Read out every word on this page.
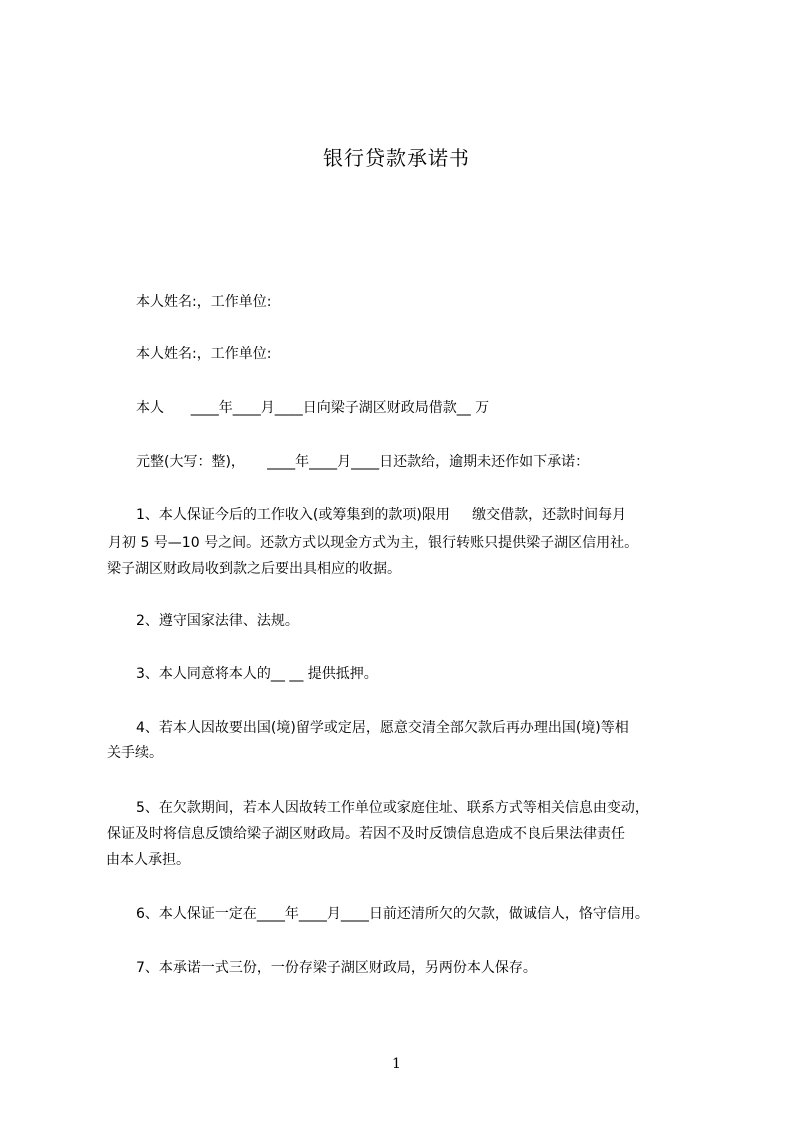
银行贷款承诺书
本人姓名:，工作单位:
本人姓名:，工作单位:
本人      ____年____月____日向梁子湖区财政局借款__ 万
元整(大写：整)，     ____年____月____日还款给，逾期未还作如下承诺：
1、本人保证今后的工作收入(或筹集到的款项)限用     缴交借款，还款时间每月
月初 5 号—10 号之间。还款方式以现金方式为主，银行转账只提供梁子湖区信用社。
梁子湖区财政局收到款之后要出具相应的收据。
2、遵守国家法律、法规。
3、本人同意将本人的__ __ 提供抵押。
4、若本人因故要出国(境)留学或定居，愿意交清全部欠款后再办理出国(境)等相
关手续。
5、在欠款期间，若本人因故转工作单位或家庭住址、联系方式等相关信息由变动，
保证及时将信息反馈给梁子湖区财政局。若因不及时反馈信息造成不良后果法律责任
由本人承担。
6、本人保证一定在____年____月____日前还清所欠的欠款，做诚信人，恪守信用。
7、本承诺一式三份，一份存梁子湖区财政局，另两份本人保存。
1
